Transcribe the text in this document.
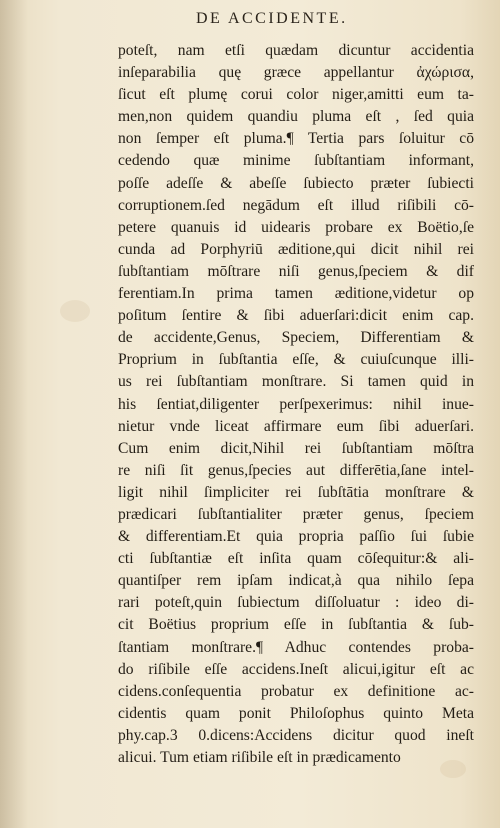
DE ACCIDENTE.
poteſt, nam etſi quædam dicuntur accidentia
inſeparabilia quę græce appellantur ἀχώρισα,
ſicut eſt plumę corui color niger,amitti eum ta-
men,non quidem quandiu pluma eſt , ſed quia
non ſemper eſt pluma.¶ Tertia pars ſoluitur cō
cedendo quæ minime ſubſtantiam informant,
poſſe adeſſe & abeſſe ſubiecto præter ſubiecti
corruptionem.ſed negādum eſt illud riſibili cō-
petere quanuis id uidearis probare ex Boëtio,ſe
cunda ad Porphyriū æditione,qui dicit nihil rei
ſubſtantiam mōſtrare niſi genus,ſpeciem & dif
ferentiam.In prima tamen æditione,videtur op
poſitum ſentire & ſibi aduerſari:dicit enim cap.
de accidente,Genus, Speciem, Differentiam &
Proprium in ſubſtantia eſſe, & cuiuſcunque illi-
us rei ſubſtantiam monſtrare. Si tamen quid in
his ſentiat,diligenter perſpexerimus: nihil inue-
nietur vnde liceat affirmare eum ſibi aduerſari.
Cum enim dicit,Nihil rei ſubſtantiam mōſtra
re niſi ſit genus,ſpecies aut differētia,ſane intel-
ligit nihil ſimpliciter rei ſubſtātia monſtrare &
prædicari ſubſtantialiter præter genus, ſpeciem
& differentiam.Et quia propria paſſio ſui ſubie
cti ſubſtantiæ eſt inſita quam cōſequitur:& ali-
quantiſper rem ipſam indicat,à qua nihilo ſepa
rari poteſt,quin ſubiectum diſſoluatur : ideo di-
cit Boëtius proprium eſſe in ſubſtantia & ſub-
ſtantiam monſtrare.¶ Adhuc contendes proba-
do riſibile eſſe accidens.Ineſt alicui,igitur eſt ac
cidens.conſequentia probatur ex definitione ac-
cidentis quam ponit Philoſophus quinto Meta
phy.cap.3 0.dicens:Accidens dicitur quod ineſt
alicui. Tum etiam riſibile eſt in prædicamento
